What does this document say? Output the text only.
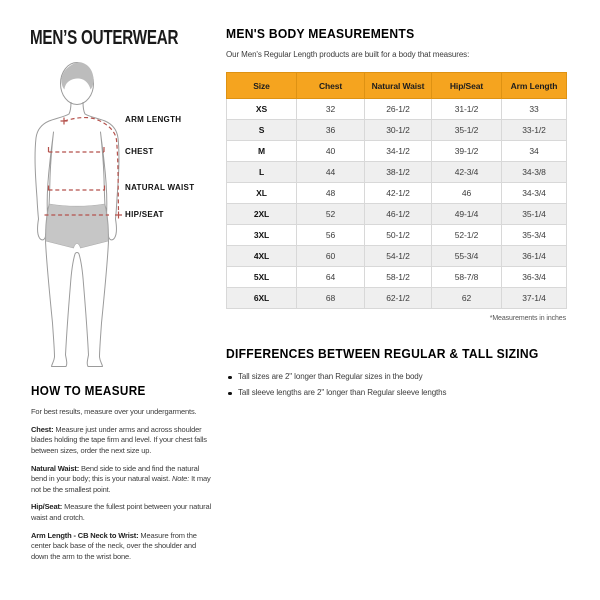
MEN’S OUTERWEAR
ARM LENGTH
CHEST
NATURAL WAIST
HIP/SEAT
HOW TO MEASURE

For best results, measure over your undergarments.

Chest: Measure just under arms and across shoulder blades holding the tape firm and level. If your chest falls between sizes, order the next size up.

Natural Waist: Bend side to side and find the natural bend in your body; this is your natural waist. Note: It may not be the smallest point.

Hip/Seat: Measure the fullest point between your natural waist and crotch.

Arm Length - CB Neck to Wrist: Measure from the center back base of the neck, over the shoulder and down the arm to the wrist bone.

MEN'S BODY MEASUREMENTS
Our Men's Regular Length products are built for a body that measures:
Size	Chest	Natural Waist	Hip/Seat	Arm Length
XS	32	26-1/2	31-1/2	33
S	36	30-1/2	35-1/2	33-1/2
M	40	34-1/2	39-1/2	34
L	44	38-1/2	42-3/4	34-3/8
XL	48	42-1/2	46	34-3/4
2XL	52	46-1/2	49-1/4	35-1/4
3XL	56	50-1/2	52-1/2	35-3/4
4XL	60	54-1/2	55-3/4	36-1/4
5XL	64	58-1/2	58-7/8	36-3/4
6XL	68	62-1/2	62	37-1/4
*Measurements in inches
DIFFERENCES BETWEEN REGULAR & TALL SIZING
Tall sizes are 2" longer than Regular sizes in the body
Tall sleeve lengths are 2" longer than Regular sleeve lengths
